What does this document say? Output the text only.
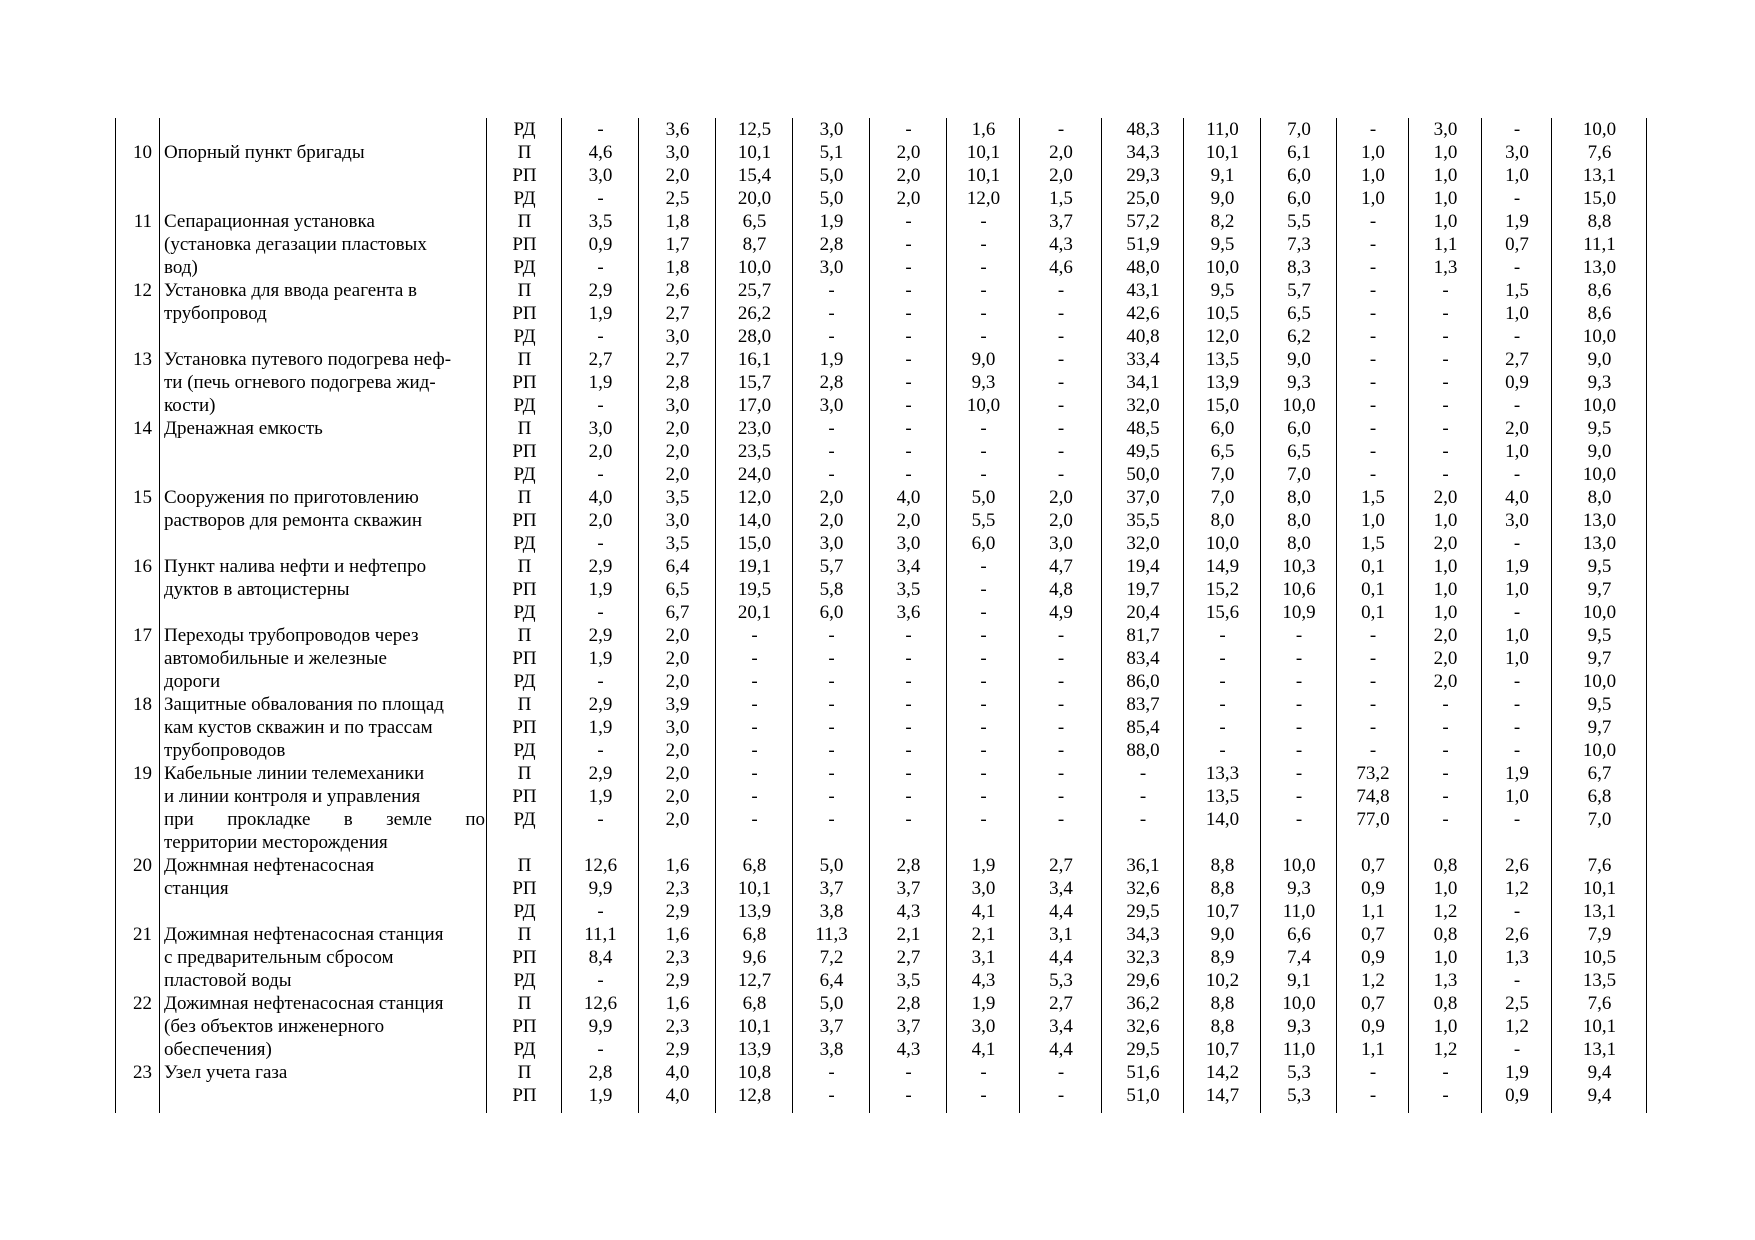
РД	-	3,6	12,5	3,0	-	1,6	-	48,3	11,0	7,0	-	3,0	-	10,0
10 Опорный пункт бригады	П	4,6	3,0	10,1	5,1	2,0	10,1	2,0	34,3	10,1	6,1	1,0	1,0	3,0	7,6
РП	3,0	2,0	15,4	5,0	2,0	10,1	2,0	29,3	9,1	6,0	1,0	1,0	1,0	13,1
РД	-	2,5	20,0	5,0	2,0	12,0	1,5	25,0	9,0	6,0	1,0	1,0	-	15,0
11 Сепарационная установка	П	3,5	1,8	6,5	1,9	-	-	3,7	57,2	8,2	5,5	-	1,0	1,9	8,8
(установка дегазации пластовых	РП	0,9	1,7	8,7	2,8	-	-	4,3	51,9	9,5	7,3	-	1,1	0,7	11,1
вод)	РД	-	1,8	10,0	3,0	-	-	4,6	48,0	10,0	8,3	-	1,3	-	13,0
12 Установка для ввода реагента в	П	2,9	2,6	25,7	-	-	-	-	43,1	9,5	5,7	-	-	1,5	8,6
трубопровод	РП	1,9	2,7	26,2	-	-	-	-	42,6	10,5	6,5	-	-	1,0	8,6
РД	-	3,0	28,0	-	-	-	-	40,8	12,0	6,2	-	-	-	10,0
13 Установка путевого подогрева неф-	П	2,7	2,7	16,1	1,9	-	9,0	-	33,4	13,5	9,0	-	-	2,7	9,0
ти (печь огневого подогрева жид-	РП	1,9	2,8	15,7	2,8	-	9,3	-	34,1	13,9	9,3	-	-	0,9	9,3
кости)	РД	-	3,0	17,0	3,0	-	10,0	-	32,0	15,0	10,0	-	-	-	10,0
14 Дренажная емкость	П	3,0	2,0	23,0	-	-	-	-	48,5	6,0	6,0	-	-	2,0	9,5
РП	2,0	2,0	23,5	-	-	-	-	49,5	6,5	6,5	-	-	1,0	9,0
РД	-	2,0	24,0	-	-	-	-	50,0	7,0	7,0	-	-	-	10,0
15 Сооружения по приготовлению	П	4,0	3,5	12,0	2,0	4,0	5,0	2,0	37,0	7,0	8,0	1,5	2,0	4,0	8,0
растворов для ремонта скважин	РП	2,0	3,0	14,0	2,0	2,0	5,5	2,0	35,5	8,0	8,0	1,0	1,0	3,0	13,0
РД	-	3,5	15,0	3,0	3,0	6,0	3,0	32,0	10,0	8,0	1,5	2,0	-	13,0
16 Пункт налива нефти и нефтепро	П	2,9	6,4	19,1	5,7	3,4	-	4,7	19,4	14,9	10,3	0,1	1,0	1,9	9,5
дуктов в автоцистерны	РП	1,9	6,5	19,5	5,8	3,5	-	4,8	19,7	15,2	10,6	0,1	1,0	1,0	9,7
РД	-	6,7	20,1	6,0	3,6	-	4,9	20,4	15,6	10,9	0,1	1,0	-	10,0
17 Переходы трубопроводов через	П	2,9	2,0	-	-	-	-	-	81,7	-	-	-	2,0	1,0	9,5
автомобильные и железные	РП	1,9	2,0	-	-	-	-	-	83,4	-	-	-	2,0	1,0	9,7
дороги	РД	-	2,0	-	-	-	-	-	86,0	-	-	-	2,0	-	10,0
18 Защитные обвалования по площад	П	2,9	3,9	-	-	-	-	-	83,7	-	-	-	-	-	9,5
кам кустов скважин и по трассам	РП	1,9	3,0	-	-	-	-	-	85,4	-	-	-	-	-	9,7
трубопроводов	РД	-	2,0	-	-	-	-	-	88,0	-	-	-	-	-	10,0
19 Кабельные линии телемеханики	П	2,9	2,0	-	-	-	-	-	-	13,3	-	73,2	-	1,9	6,7
и линии контроля и управления	РП	1,9	2,0	-	-	-	-	-	-	13,5	-	74,8	-	1,0	6,8
при прокладке в земле по	РД	-	2,0	-	-	-	-	-	-	14,0	-	77,0	-	-	7,0
территории месторождения
20 Дожнмная нефтенасосная	П	12,6	1,6	6,8	5,0	2,8	1,9	2,7	36,1	8,8	10,0	0,7	0,8	2,6	7,6
станция	РП	9,9	2,3	10,1	3,7	3,7	3,0	3,4	32,6	8,8	9,3	0,9	1,0	1,2	10,1
РД	-	2,9	13,9	3,8	4,3	4,1	4,4	29,5	10,7	11,0	1,1	1,2	-	13,1
21 Дожимная нефтенасосная станция	П	11,1	1,6	6,8	11,3	2,1	2,1	3,1	34,3	9,0	6,6	0,7	0,8	2,6	7,9
с предварительным сбросом	РП	8,4	2,3	9,6	7,2	2,7	3,1	4,4	32,3	8,9	7,4	0,9	1,0	1,3	10,5
пластовой воды	РД	-	2,9	12,7	6,4	3,5	4,3	5,3	29,6	10,2	9,1	1,2	1,3	-	13,5
22 Дожимная нефтенасосная станция	П	12,6	1,6	6,8	5,0	2,8	1,9	2,7	36,2	8,8	10,0	0,7	0,8	2,5	7,6
(без объектов инженерного	РП	9,9	2,3	10,1	3,7	3,7	3,0	3,4	32,6	8,8	9,3	0,9	1,0	1,2	10,1
обеспечения)	РД	-	2,9	13,9	3,8	4,3	4,1	4,4	29,5	10,7	11,0	1,1	1,2	-	13,1
23 Узел учета газа	П	2,8	4,0	10,8	-	-	-	-	51,6	14,2	5,3	-	-	1,9	9,4
РП	1,9	4,0	12,8	-	-	-	-	51,0	14,7	5,3	-	-	0,9	9,4
